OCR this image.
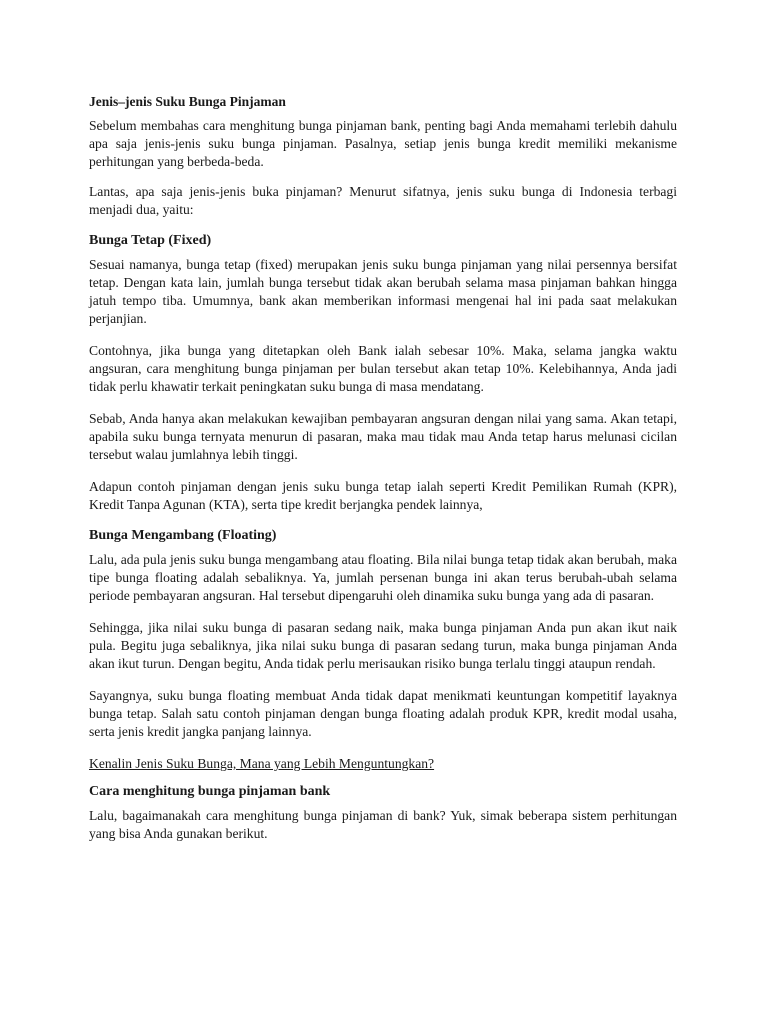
Jenis–jenis Suku Bunga Pinjaman
Sebelum membahas cara menghitung bunga pinjaman bank, penting bagi Anda memahami terlebih dahulu apa saja jenis-jenis suku bunga pinjaman. Pasalnya, setiap jenis bunga kredit memiliki mekanisme perhitungan yang berbeda-beda.
Lantas, apa saja jenis-jenis buka pinjaman? Menurut sifatnya, jenis suku bunga di Indonesia terbagi menjadi dua, yaitu:
Bunga Tetap (Fixed)
Sesuai namanya, bunga tetap (fixed) merupakan jenis suku bunga pinjaman yang nilai persennya bersifat tetap. Dengan kata lain, jumlah bunga tersebut tidak akan berubah selama masa pinjaman bahkan hingga jatuh tempo tiba. Umumnya, bank akan memberikan informasi mengenai hal ini pada saat melakukan perjanjian.
Contohnya, jika bunga yang ditetapkan oleh Bank ialah sebesar 10%. Maka, selama jangka waktu angsuran, cara menghitung bunga pinjaman per bulan tersebut akan tetap 10%. Kelebihannya, Anda jadi tidak perlu khawatir terkait peningkatan suku bunga di masa mendatang.
Sebab, Anda hanya akan melakukan kewajiban pembayaran angsuran dengan nilai yang sama. Akan tetapi, apabila suku bunga ternyata menurun di pasaran, maka mau tidak mau Anda tetap harus melunasi cicilan tersebut walau jumlahnya lebih tinggi.
Adapun contoh pinjaman dengan jenis suku bunga tetap ialah seperti Kredit Pemilikan Rumah (KPR), Kredit Tanpa Agunan (KTA), serta tipe kredit berjangka pendek lainnya,
Bunga Mengambang (Floating)
Lalu, ada pula jenis suku bunga mengambang atau floating. Bila nilai bunga tetap tidak akan berubah, maka tipe bunga floating adalah sebaliknya. Ya, jumlah persenan bunga ini akan terus berubah-ubah selama periode pembayaran angsuran. Hal tersebut dipengaruhi oleh dinamika suku bunga yang ada di pasaran.
Sehingga, jika nilai suku bunga di pasaran sedang naik, maka bunga pinjaman Anda pun akan ikut naik pula. Begitu juga sebaliknya, jika nilai suku bunga di pasaran sedang turun, maka bunga pinjaman Anda akan ikut turun. Dengan begitu, Anda tidak perlu merisaukan risiko bunga terlalu tinggi ataupun rendah.
Sayangnya, suku bunga floating membuat Anda tidak dapat menikmati keuntungan kompetitif layaknya bunga tetap. Salah satu contoh pinjaman dengan bunga floating adalah produk KPR, kredit modal usaha, serta jenis kredit jangka panjang lainnya.
Kenalin Jenis Suku Bunga, Mana yang Lebih Menguntungkan?
Cara menghitung bunga pinjaman bank
Lalu, bagaimanakah cara menghitung bunga pinjaman di bank? Yuk, simak beberapa sistem perhitungan yang bisa Anda gunakan berikut.
